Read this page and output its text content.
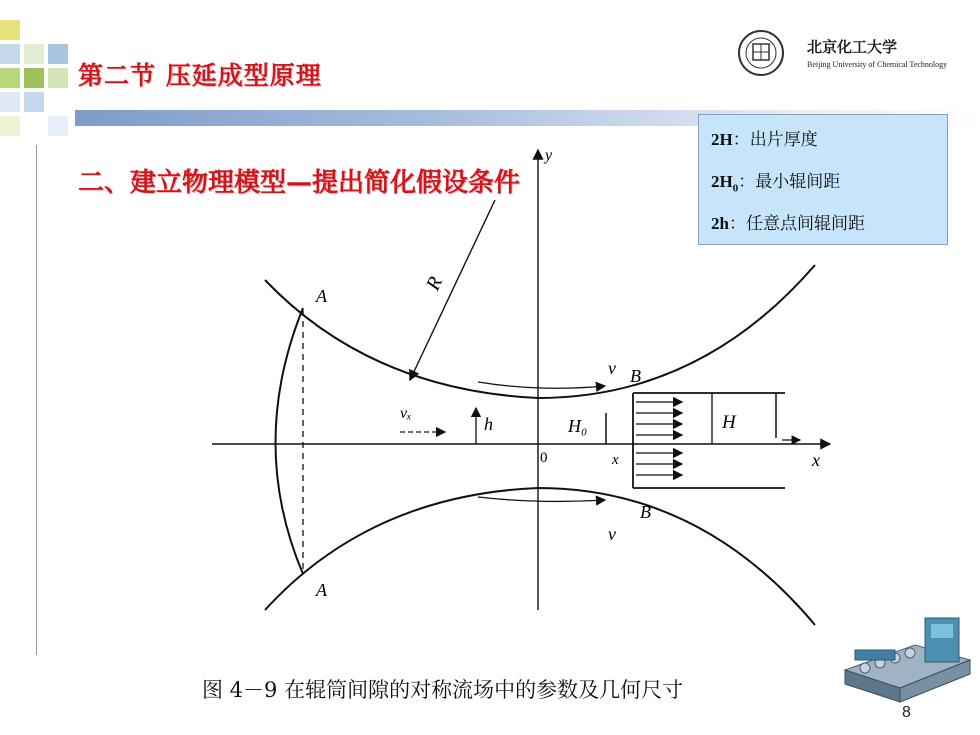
第二节 压延成型原理
二、建立物理模型—提出简化假设条件
北京化工大学
Beijing University of Chemical Technology
2H：出片厚度
$2H_0$：最小辊间距
2h：任意点间辊间距
y
x
0
R
A
A
B
B
v
v
vₓ
h	H₀	H
x
图 4－9 在辊筒间隙的对称流场中的参数及几何尺寸
8
